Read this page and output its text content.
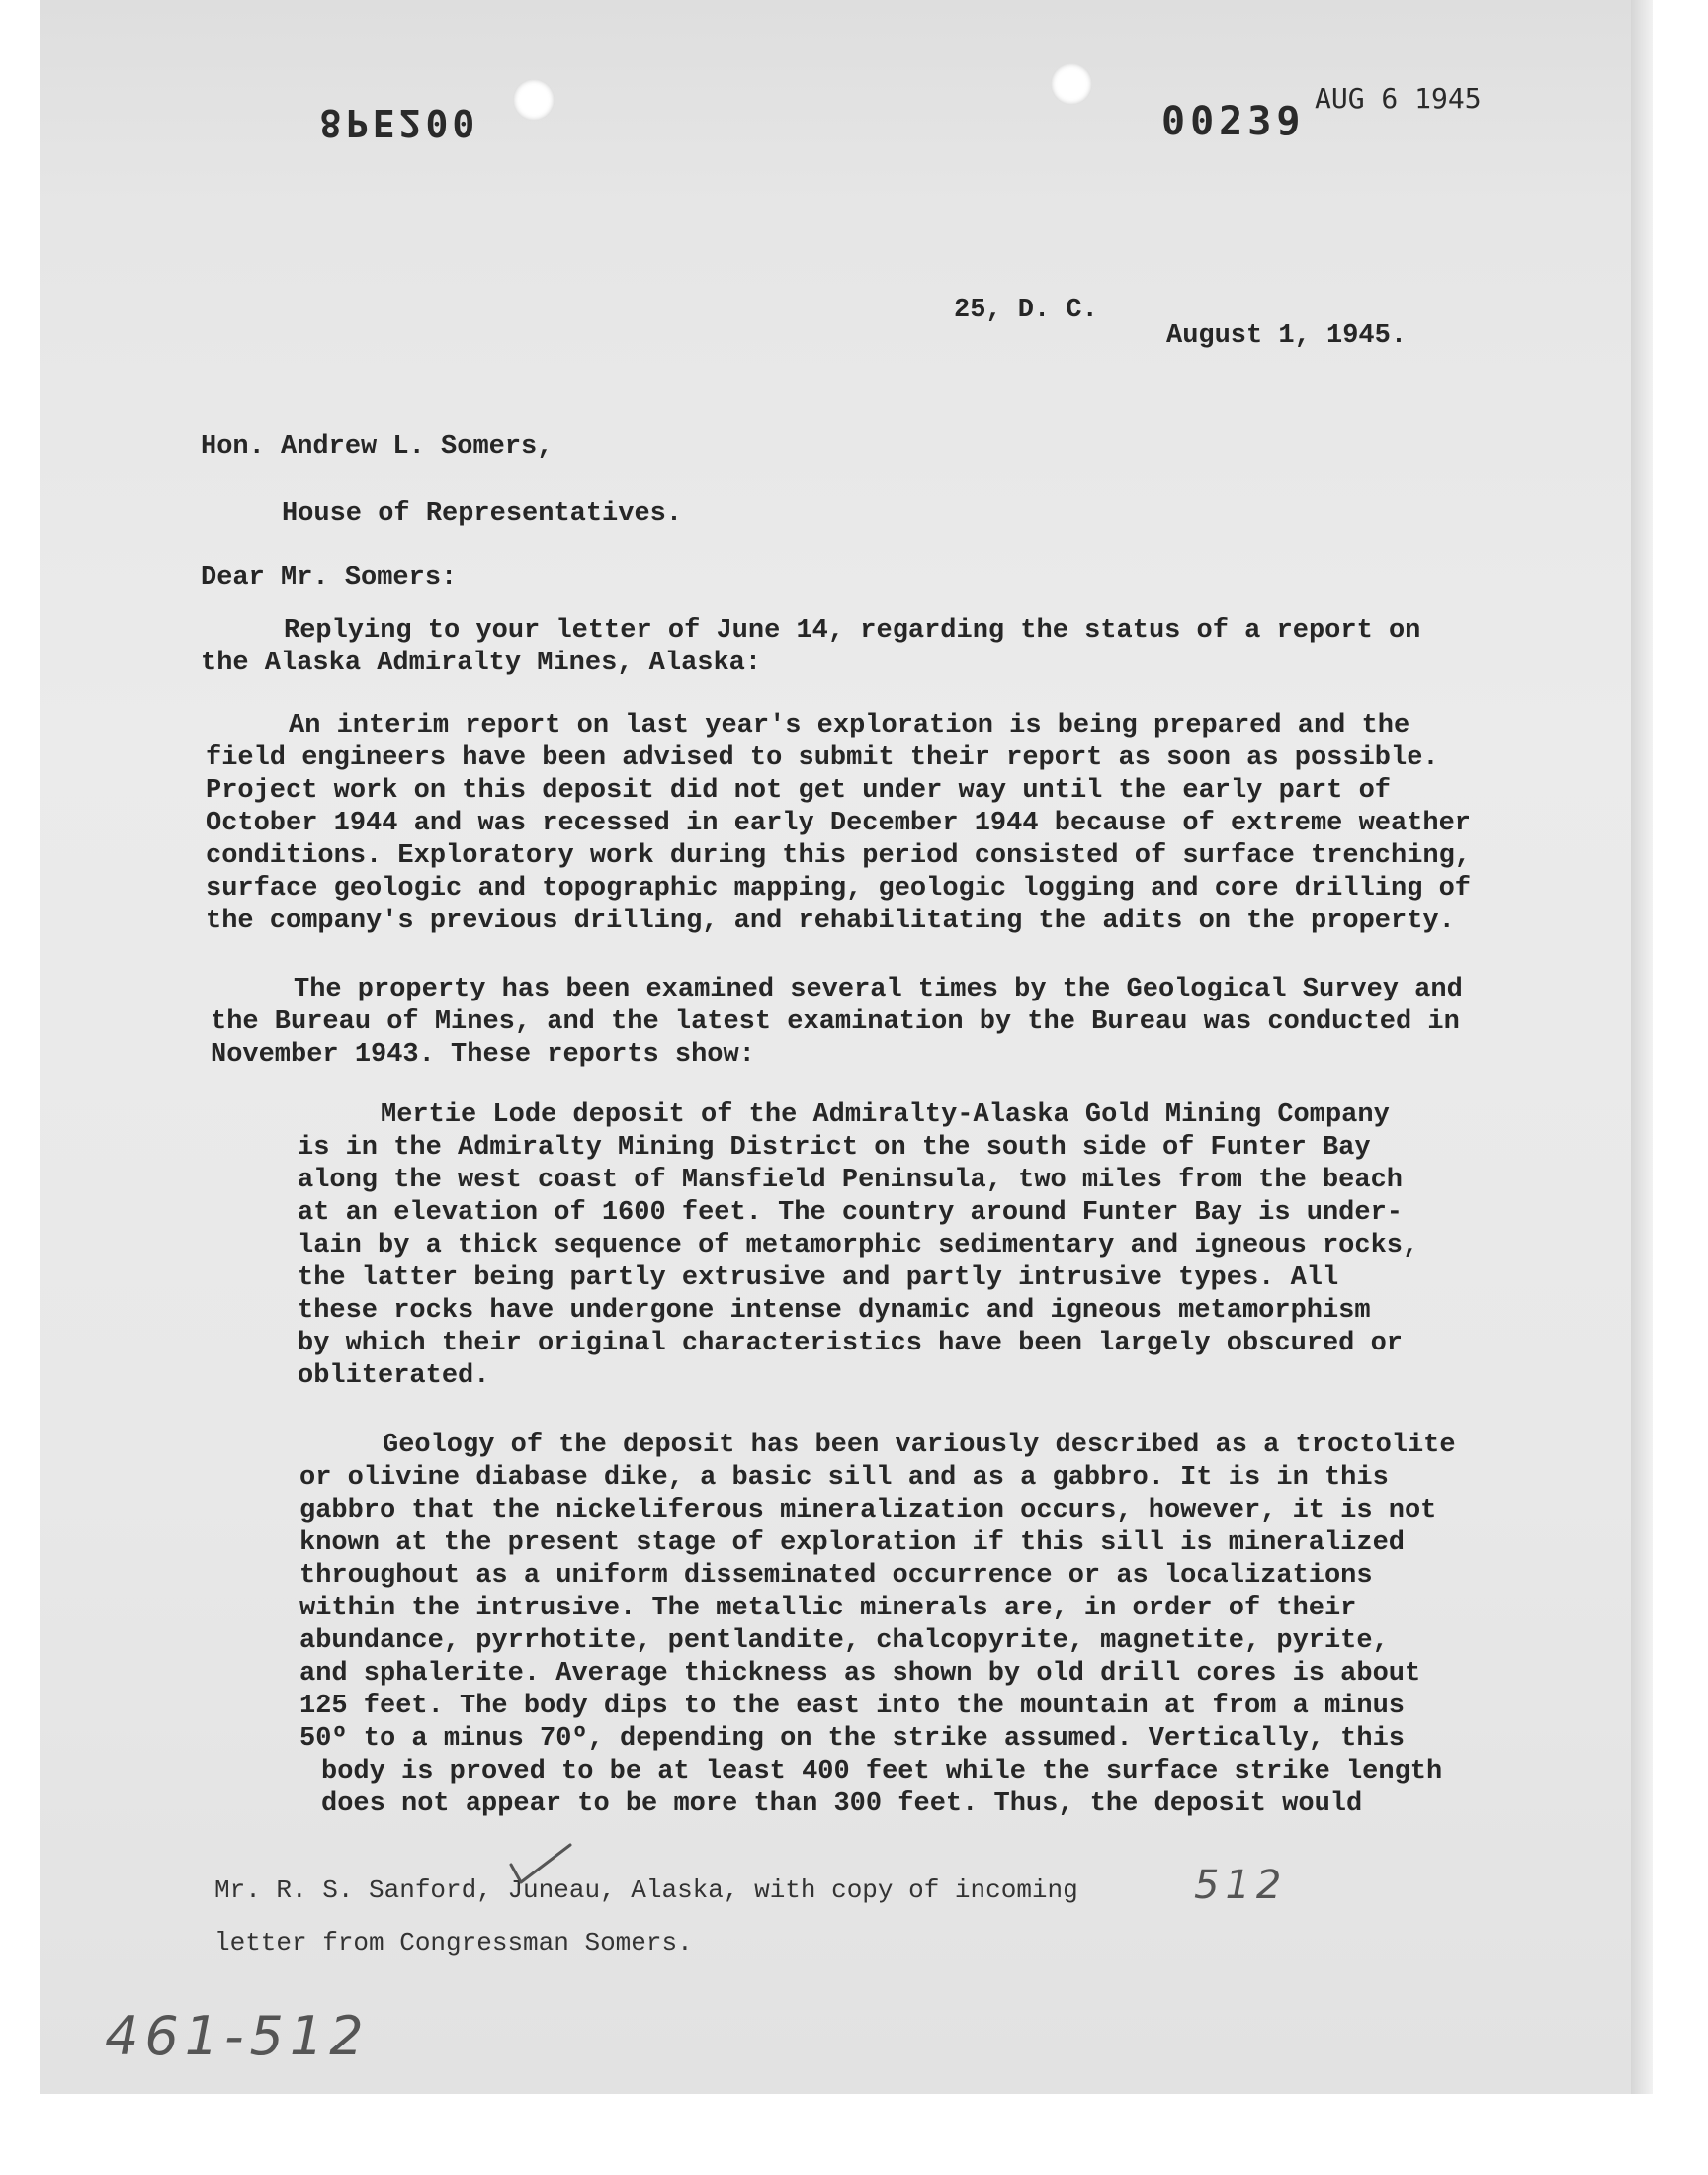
8PE200	00239

AUG 6 1945

25, D. C.

August 1, 1945.

Hon. Andrew L. Somers,

House of Representatives.

Dear Mr. Somers:

Replying to your letter of June 14, regarding the status of a report on
the Alaska Admiralty Mines, Alaska:
An interim report on last year's exploration is being prepared and the
field engineers have been advised to submit their report as soon as possible.
Project work on this deposit did not get under way until the early part of
October 1944 and was recessed in early December 1944 because of extreme weather
conditions. Exploratory work during this period consisted of surface trenching,
surface geologic and topographic mapping, geologic logging and core drilling of
the company's previous drilling, and rehabilitating the adits on the property.
The property has been examined several times by the Geological Survey and
the Bureau of Mines, and the latest examination by the Bureau was conducted in
November 1943. These reports show:
Mertie Lode deposit of the Admiralty-Alaska Gold Mining Company
is in the Admiralty Mining District on the south side of Funter Bay
along the west coast of Mansfield Peninsula, two miles from the beach
at an elevation of 1600 feet. The country around Funter Bay is under-
lain by a thick sequence of metamorphic sedimentary and igneous rocks,
the latter being partly extrusive and partly intrusive types. All
these rocks have undergone intense dynamic and igneous metamorphism
by which their original characteristics have been largely obscured or
obliterated.
Geology of the deposit has been variously described as a troctolite
or olivine diabase dike, a basic sill and as a gabbro. It is in this
gabbro that the nickeliferous mineralization occurs, however, it is not
known at the present stage of exploration if this sill is mineralized
throughout as a uniform disseminated occurrence or as localizations
within the intrusive. The metallic minerals are, in order of their
abundance, pyrrhotite, pentlandite, chalcopyrite, magnetite, pyrite,
and sphalerite. Average thickness as shown by old drill cores is about
125 feet. The body dips to the east into the mountain at from a minus
50º to a minus 70º, depending on the strike assumed. Vertically, this
body is proved to be at least 400 feet while the surface strike length
does not appear to be more than 300 feet. Thus, the deposit would

Mr. R. S. Sanford, Juneau, Alaska, with copy of incoming

letter from Congressman Somers.

512

461-512
